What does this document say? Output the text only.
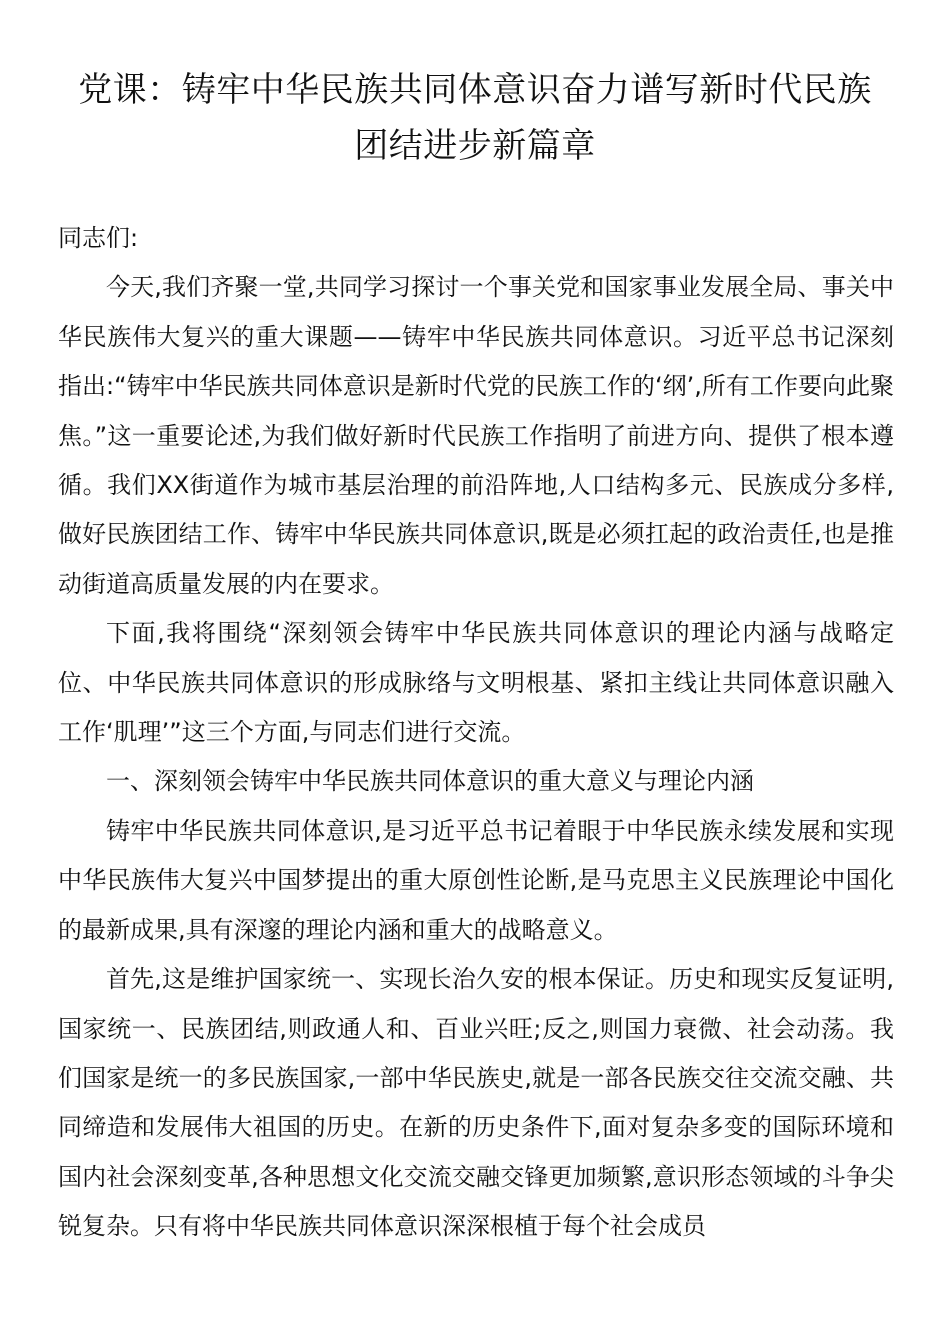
党课：铸牢中华民族共同体意识奋力谱写新时代民族
团结进步新篇章

同志们:

今天,我们齐聚一堂,共同学习探讨一个事关党和国家事业发展全局、事关中华民族伟大复兴的重大课题——铸牢中华民族共同体意识。习近平总书记深刻指出:“铸牢中华民族共同体意识是新时代党的民族工作的‘纲’,所有工作要向此聚焦。”这一重要论述,为我们做好新时代民族工作指明了前进方向、提供了根本遵循。我们XX街道作为城市基层治理的前沿阵地,人口结构多元、民族成分多样,做好民族团结工作、铸牢中华民族共同体意识,既是必须扛起的政治责任,也是推动街道高质量发展的内在要求。

下面,我将围绕“深刻领会铸牢中华民族共同体意识的理论内涵与战略定位、中华民族共同体意识的形成脉络与文明根基、紧扣主线让共同体意识融入工作‘肌理’”这三个方面,与同志们进行交流。

一、深刻领会铸牢中华民族共同体意识的重大意义与理论内涵

铸牢中华民族共同体意识,是习近平总书记着眼于中华民族永续发展和实现中华民族伟大复兴中国梦提出的重大原创性论断,是马克思主义民族理论中国化的最新成果,具有深邃的理论内涵和重大的战略意义。

首先,这是维护国家统一、实现长治久安的根本保证。历史和现实反复证明,国家统一、民族团结,则政通人和、百业兴旺;反之,则国力衰微、社会动荡。我们国家是统一的多民族国家,一部中华民族史,就是一部各民族交往交流交融、共同缔造和发展伟大祖国的历史。在新的历史条件下,面对复杂多变的国际环境和国内社会深刻变革,各种思想文化交流交融交锋更加频繁,意识形态领域的斗争尖锐复杂。只有将中华民族共同体意识深深根植于每个社会成员
